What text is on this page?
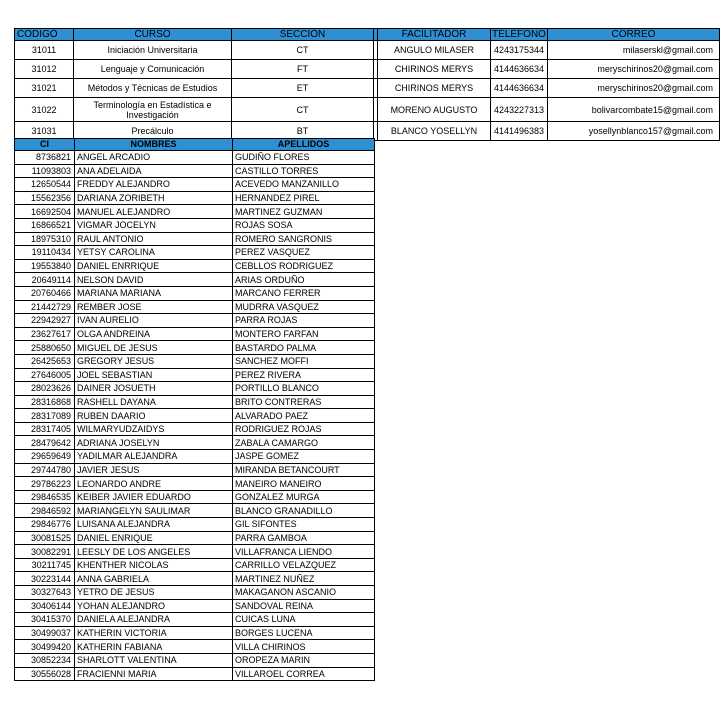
CODIGO	CURSO	SECCIÓN		FACILITADOR	TELEFONO	CORREO
31011	Iniciación Universitaria	CT		ANGULO MILASER	4243175344	milaserskl@gmail.com
31012	Lenguaje y Comunicación	FT		CHIRINOS MERYS	4144636634	meryschirinos20@gmail.com
31021	Métodos y Técnicas de Estudios	ET		CHIRINOS MERYS	4144636634	meryschirinos20@gmail.com
31022	Terminología en Estadística e Investigación	CT		MORENO AUGUSTO	4243227313	bolivarcombate15@gmail.com
31031	Precálculo	BT		BLANCO YOSELLYN	4141496383	yosellynblanco157@gmail.com
CI	NOMBRES	APELLIDOS
8736821	ANGEL ARCADIO	GUDIÑO FLORES
11093803	ANA ADELAIDA	CASTILLO TORRES
12650544	FREDDY ALEJANDRO	ACEVEDO MANZANILLO
15562356	DARIANA ZORIBETH	HERNANDEZ PIREL
16692504	MANUEL ALEJANDRO	MARTINEZ GUZMAN
16866521	VIGMAR JOCELYN	ROJAS SOSA
18975310	RAUL ANTONIO	ROMERO SANGRONIS
19110434	YETSY CAROLINA	PEREZ VASQUEZ
19553840	DANIEL ENRRIQUE	CEBLLOS RODRIGUEZ
20649114	NELSON DAVID	ARIAS ORDUÑO
20760466	MARIANA MARIANA	MARCANO FERRER
21442729	REMBER JOSE	MUDRRA VASQUEZ
22942927	IVAN AURELIO	PARRA ROJAS
23627617	OLGA ANDREINA	MONTERO FARFAN
25880650	MIGUEL DE JESUS	BASTARDO PALMA
26425653	GREGORY JESUS	SANCHEZ MOFFI
27646005	JOEL SEBASTIAN	PEREZ RIVERA
28023626	DAINER JOSUETH	PORTILLO BLANCO
28316868	RASHELL DAYANA	BRITO CONTRERAS
28317089	RUBEN DAARIO	ALVARADO PAEZ
28317405	WILMARYUDZAIDYS	RODRIGUEZ ROJAS
28479642	ADRIANA JOSELYN	ZABALA CAMARGO
29659649	YADILMAR ALEJANDRA	JASPE GOMEZ
29744780	JAVIER JESUS	MIRANDA BETANCOURT
29786223	LEONARDO ANDRE	MANEIRO MANEIRO
29846535	KEIBER JAVIER EDUARDO	GONZALEZ MURGA
29846592	MARIANGELYN SAULIMAR	BLANCO GRANADILLO
29846776	LUISANA ALEJANDRA	GIL SIFONTES
30081525	DANIEL ENRIQUE	PARRA GAMBOA
30082291	LEESLY DE LOS ANGELES	VILLAFRANCA LIENDO
30211745	KHENTHER NICOLAS	CARRILLO VELAZQUEZ
30223144	ANNA GABRIELA	MARTINEZ NUÑEZ
30327643	YETRO DE JESUS	MAKAGANON ASCANIO
30406144	YOHAN ALEJANDRO	SANDOVAL REINA
30415370	DANIELA ALEJANDRA	CUICAS LUNA
30499037	KATHERIN VICTORIA	BORGES LUCENA
30499420	KATHERIN FABIANA	VILLA CHIRINOS
30852234	SHARLOTT VALENTINA	OROPEZA MARIN
30556028	FRACIENNI MARIA	VILLAROEL CORREA
